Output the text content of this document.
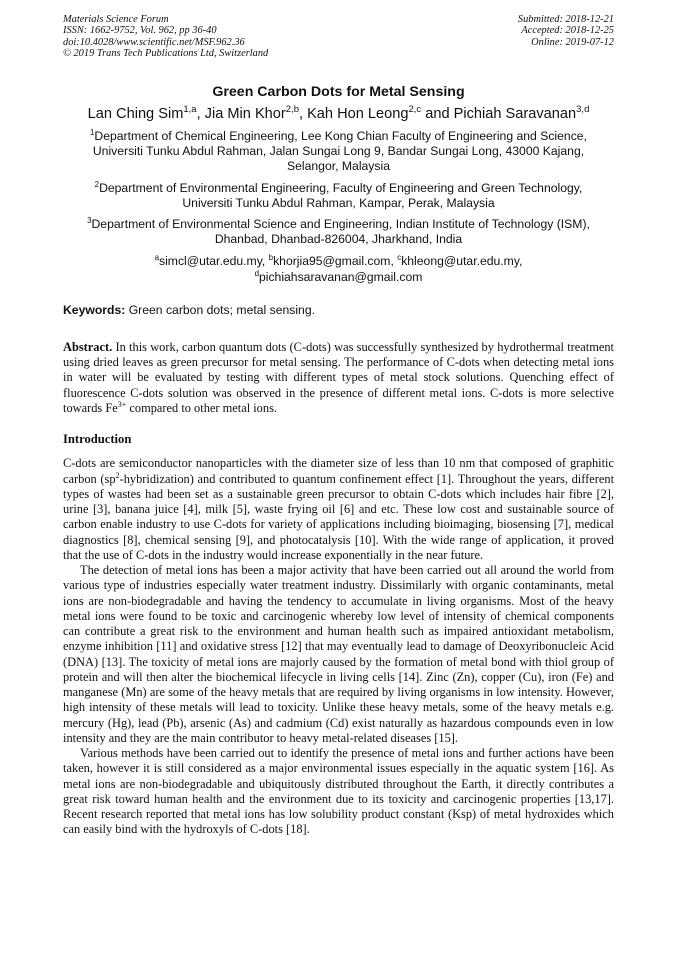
Materials Science Forum
ISSN: 1662-9752, Vol. 962, pp 36-40
doi:10.4028/www.scientific.net/MSF.962.36
© 2019 Trans Tech Publications Ltd, Switzerland
Submitted: 2018-12-21
Accepted: 2018-12-25
Online: 2019-07-12
Green Carbon Dots for Metal Sensing
Lan Ching Sim$^{1,a}$, Jia Min Khor$^{2,b}$, Kah Hon Leong$^{2,c}$ and Pichiah Saravanan$^{3,d}$
$^1$Department of Chemical Engineering, Lee Kong Chian Faculty of Engineering and Science,
Universiti Tunku Abdul Rahman, Jalan Sungai Long 9, Bandar Sungai Long, 43000 Kajang,
Selangor, Malaysia
$^2$Department of Environmental Engineering, Faculty of Engineering and Green Technology,
Universiti Tunku Abdul Rahman, Kampar, Perak, Malaysia
$^3$Department of Environmental Science and Engineering, Indian Institute of Technology (ISM),
Dhanbad, Dhanbad-826004, Jharkhand, India
$^a$simcl@utar.edu.my, $^b$khorjia95@gmail.com, $^c$khleong@utar.edu.my,
$^d$pichiahsaravanan@gmail.com
Keywords: Green carbon dots; metal sensing.
Abstract. In this work, carbon quantum dots (C-dots) was successfully synthesized by hydrothermal treatment using dried leaves as green precursor for metal sensing. The performance of C-dots when detecting metal ions in water will be evaluated by testing with different types of metal stock solutions. Quenching effect of fluorescence C-dots solution was observed in the presence of different metal ions. C-dots is more selective towards $Fe^{3+}$ compared to other metal ions.
Introduction

C-dots are semiconductor nanoparticles with the diameter size of less than 10 nm that composed of graphitic carbon $(sp^2-hybridization)$ and contributed to quantum confinement effect [1]. Throughout the years, different types of wastes had been set as a sustainable green precursor to obtain C-dots which includes hair fibre [2], urine [3], banana juice [4], milk [5], waste frying oil [6] and etc. These low cost and sustainable source of carbon enable industry to use C-dots for variety of applications including bioimaging, biosensing [7], medical diagnostics [8], chemical sensing [9], and photocatalysis [10]. With the wide range of application, it proved that the use of C-dots in the industry would increase exponentially in the near future.

The detection of metal ions has been a major activity that have been carried out all around the world from various type of industries especially water treatment industry. Dissimilarly with organic contaminants, metal ions are non-biodegradable and having the tendency to accumulate in living organisms. Most of the heavy metal ions were found to be toxic and carcinogenic whereby low level of intensity of chemical components can contribute a great risk to the environment and human health such as impaired antioxidant metabolism, enzyme inhibition [11] and oxidative stress [12] that may eventually lead to damage of Deoxyribonucleic Acid (DNA) [13]. The toxicity of metal ions are majorly caused by the formation of metal bond with thiol group of protein and will then alter the biochemical lifecycle in living cells [14]. Zinc (Zn), copper (Cu), iron (Fe) and manganese (Mn) are some of the heavy metals that are required by living organisms in low intensity. However, high intensity of these metals will lead to toxicity. Unlike these heavy metals, some of the heavy metals e.g. mercury (Hg), lead (Pb), arsenic (As) and cadmium (Cd) exist naturally as hazardous compounds even in low intensity and they are the main contributor to heavy metal-related diseases [15].

Various methods have been carried out to identify the presence of metal ions and further actions have been taken, however it is still considered as a major environmental issues especially in the aquatic system [16]. As metal ions are non-biodegradable and ubiquitously distributed throughout the Earth, it directly contributes a great risk toward human health and the environment due to its toxicity and carcinogenic properties [13,17]. Recent research reported that metal ions has low solubility product constant (Ksp) of metal hydroxides which can easily bind with the hydroxyls of C-dots [18].
